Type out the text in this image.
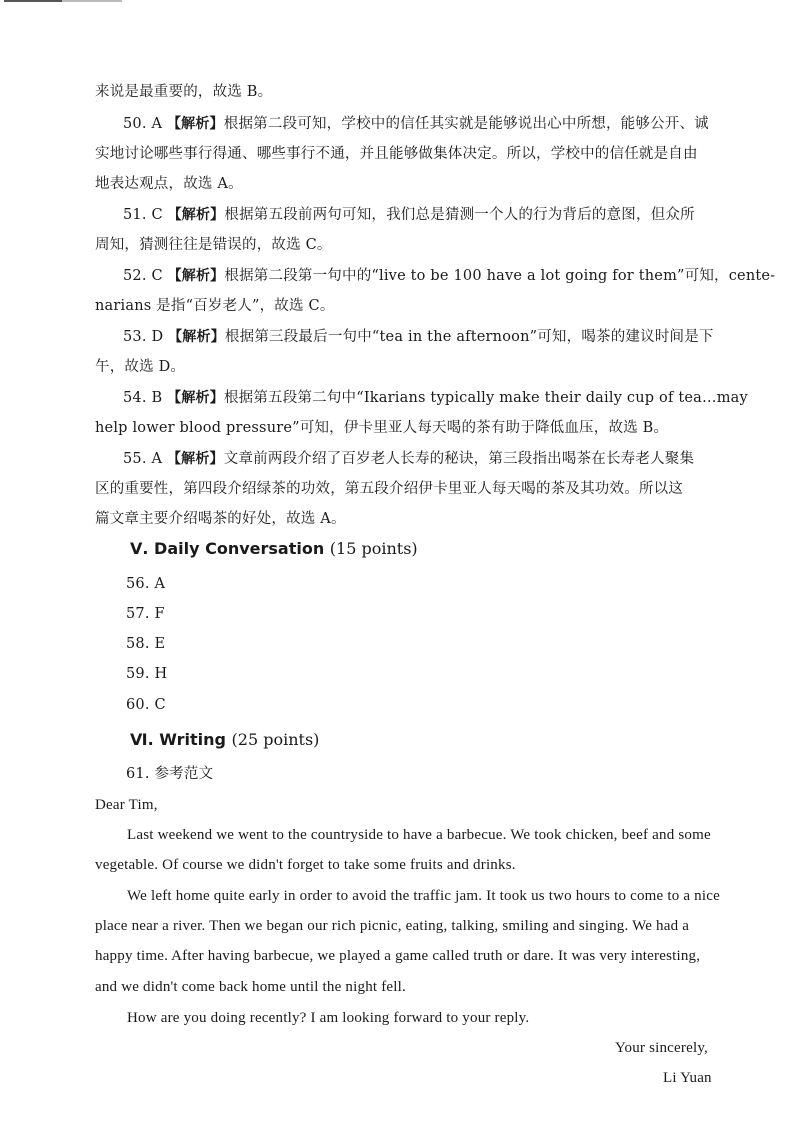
来说是最重要的，故选 B。
50. A 【解析】根据第二段可知，学校中的信任其实就是能够说出心中所想，能够公开、诚
实地讨论哪些事行得通、哪些事行不通，并且能够做集体决定。所以，学校中的信任就是自由
地表达观点，故选 A。
51. C 【解析】根据第五段前两句可知，我们总是猜测一个人的行为背后的意图，但众所
周知，猜测往往是错误的，故选 C。
52. C 【解析】根据第二段第一句中的“live to be 100 have a lot going for them”可知，cente-
narians 是指“百岁老人”，故选 C。
53. D 【解析】根据第三段最后一句中“tea in the afternoon”可知，喝茶的建议时间是下
午，故选 D。
54. B 【解析】根据第五段第二句中“Ikarians typically make their daily cup of tea…may
help lower blood pressure”可知，伊卡里亚人每天喝的茶有助于降低血压，故选 B。
55. A 【解析】文章前两段介绍了百岁老人长寿的秘诀，第三段指出喝茶在长寿老人聚集
区的重要性，第四段介绍绿茶的功效，第五段介绍伊卡里亚人每天喝的茶及其功效。所以这
篇文章主要介绍喝茶的好处，故选 A。
Ⅴ. Daily Conversation (15 points)
56. A
57. F
58. E
59. H
60. C
Ⅵ. Writing (25 points)
61. 参考范文
Dear Tim,
Last weekend we went to the countryside to have a barbecue. We took chicken, beef and some
vegetable. Of course we didn't forget to take some fruits and drinks.
We left home quite early in order to avoid the traffic jam. It took us two hours to come to a nice
place near a river. Then we began our rich picnic, eating, talking, smiling and singing. We had a
happy time. After having barbecue, we played a game called truth or dare. It was very interesting,
and we didn't come back home until the night fell.
How are you doing recently? I am looking forward to your reply.
Your sincerely,
Li Yuan
